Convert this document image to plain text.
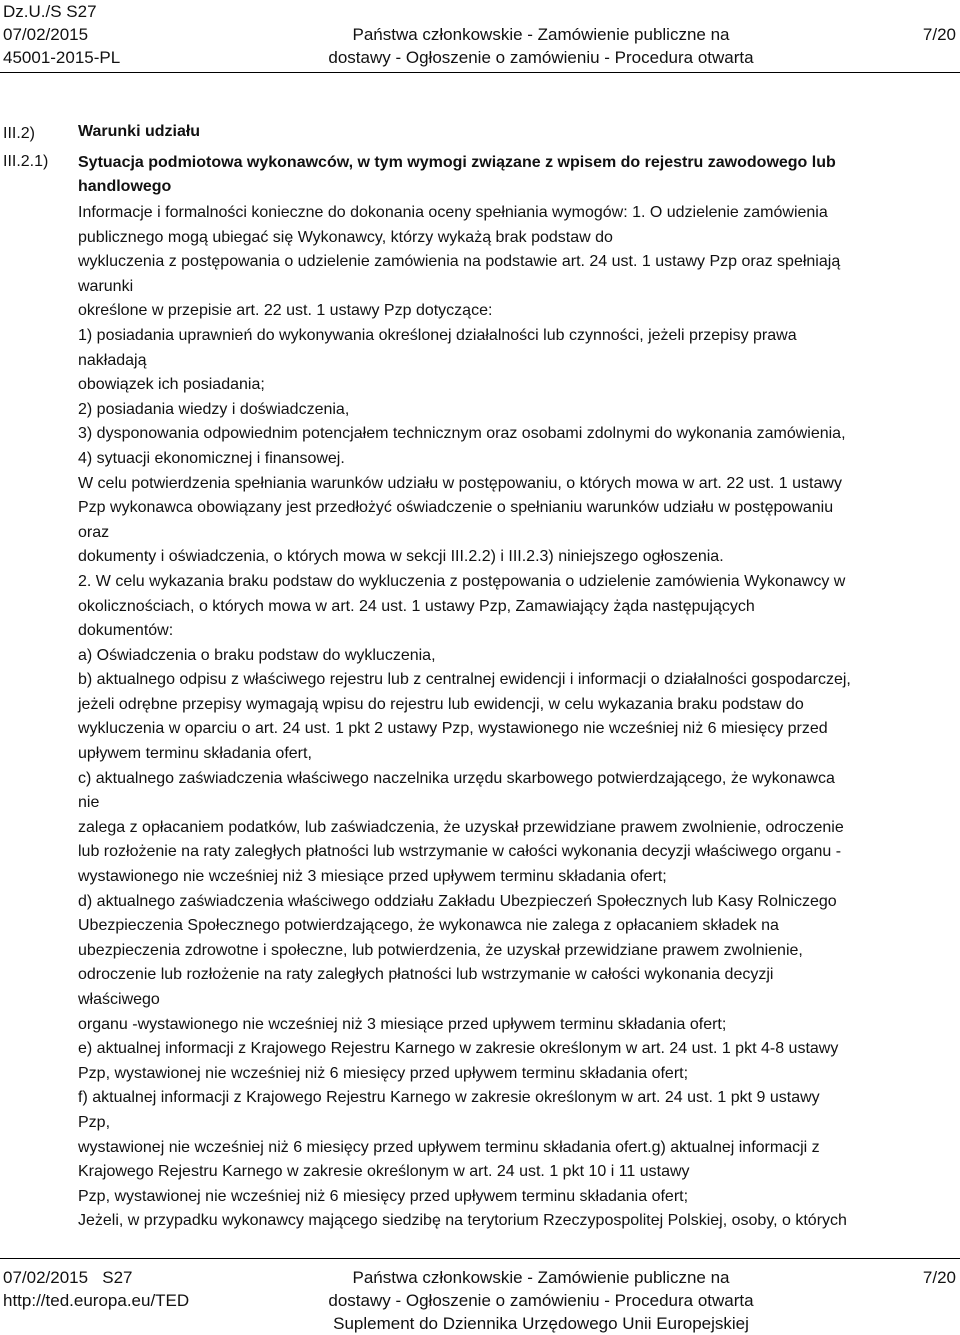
Dz.U./S S27
07/02/2015
45001-2015-PL
Państwa członkowskie - Zamówienie publiczne na
dostawy - Ogłoszenie o zamówieniu - Procedura otwarta
7/20
III.2)	Warunki udziału
III.2.1) Sytuacja podmiotowa wykonawców, w tym wymogi związane z wpisem do rejestru zawodowego lub
handlowego
Informacje i formalności konieczne do dokonania oceny spełniania wymogów: 1. O udzielenie zamówienia
publicznego mogą ubiegać się Wykonawcy, którzy wykażą brak podstaw do
wykluczenia z postępowania o udzielenie zamówienia na podstawie art. 24 ust. 1 ustawy Pzp oraz spełniają
warunki
określone w przepisie art. 22 ust. 1 ustawy Pzp dotyczące:
1) posiadania uprawnień do wykonywania określonej działalności lub czynności, jeżeli przepisy prawa
nakładają
obowiązek ich posiadania;
2) posiadania wiedzy i doświadczenia,
3) dysponowania odpowiednim potencjałem technicznym oraz osobami zdolnymi do wykonania zamówienia,
4) sytuacji ekonomicznej i finansowej.
W celu potwierdzenia spełniania warunków udziału w postępowaniu, o których mowa w art. 22 ust. 1 ustawy
Pzp wykonawca obowiązany jest przedłożyć oświadczenie o spełnianiu warunków udziału w postępowaniu
oraz
dokumenty i oświadczenia, o których mowa w sekcji III.2.2) i III.2.3) niniejszego ogłoszenia.
2. W celu wykazania braku podstaw do wykluczenia z postępowania o udzielenie zamówienia Wykonawcy w
okolicznościach, o których mowa w art. 24 ust. 1 ustawy Pzp, Zamawiający żąda następujących
dokumentów:
a) Oświadczenia o braku podstaw do wykluczenia,
b) aktualnego odpisu z właściwego rejestru lub z centralnej ewidencji i informacji o działalności gospodarczej,
jeżeli odrębne przepisy wymagają wpisu do rejestru lub ewidencji, w celu wykazania braku podstaw do
wykluczenia w oparciu o art. 24 ust. 1 pkt 2 ustawy Pzp, wystawionego nie wcześniej niż 6 miesięcy przed
upływem terminu składania ofert,
c) aktualnego zaświadczenia właściwego naczelnika urzędu skarbowego potwierdzającego, że wykonawca
nie
zalega z opłacaniem podatków, lub zaświadczenia, że uzyskał przewidziane prawem zwolnienie, odroczenie
lub rozłożenie na raty zaległych płatności lub wstrzymanie w całości wykonania decyzji właściwego organu -
wystawionego nie wcześniej niż 3 miesiące przed upływem terminu składania ofert;
d) aktualnego zaświadczenia właściwego oddziału Zakładu Ubezpieczeń Społecznych lub Kasy Rolniczego
Ubezpieczenia Społecznego potwierdzającego, że wykonawca nie zalega z opłacaniem składek na
ubezpieczenia zdrowotne i społeczne, lub potwierdzenia, że uzyskał przewidziane prawem zwolnienie,
odroczenie lub rozłożenie na raty zaległych płatności lub wstrzymanie w całości wykonania decyzji
właściwego
organu -wystawionego nie wcześniej niż 3 miesiące przed upływem terminu składania ofert;
e) aktualnej informacji z Krajowego Rejestru Karnego w zakresie określonym w art. 24 ust. 1 pkt 4-8 ustawy
Pzp, wystawionej nie wcześniej niż 6 miesięcy przed upływem terminu składania ofert;
f) aktualnej informacji z Krajowego Rejestru Karnego w zakresie określonym w art. 24 ust. 1 pkt 9 ustawy
Pzp,
wystawionej nie wcześniej niż 6 miesięcy przed upływem terminu składania ofert.g) aktualnej informacji z
Krajowego Rejestru Karnego w zakresie określonym w art. 24 ust. 1 pkt 10 i 11 ustawy
Pzp, wystawionej nie wcześniej niż 6 miesięcy przed upływem terminu składania ofert;
Jeżeli, w przypadku wykonawcy mającego siedzibę na terytorium Rzeczypospolitej Polskiej, osoby, o których
07/02/2015 S27
http://ted.europa.eu/TED
Państwa członkowskie - Zamówienie publiczne na
dostawy - Ogłoszenie o zamówieniu - Procedura otwarta
Suplement do Dziennika Urzędowego Unii Europejskiej
7/20
